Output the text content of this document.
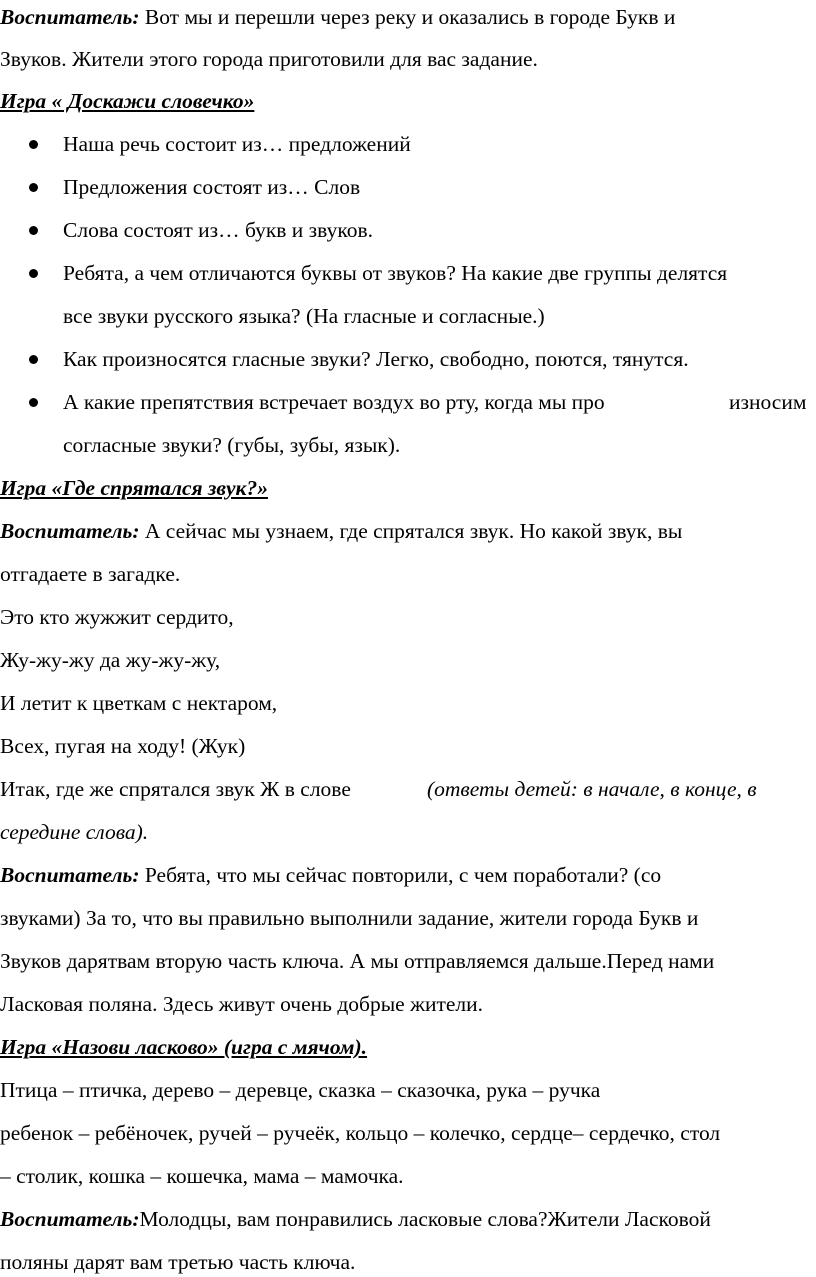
Воспитатель: Вот мы и перешли через реку и оказались в городе Букв и
Звуков. Жители этого города приготовили для вас задание.
Игра « Доскажи словечко»
Наша речь состоит из… предложений
Предложения состоят из… Слов
Слова состоят из… букв и звуков.
Ребята, а чем отличаются буквы от звуков? На какие две группы делятся
все звуки русского языка? (На гласные и согласные.)
Как произносятся гласные звуки? Легко, свободно, поются, тянутся.
А какие препятствия встречает воздух во рту, когда мы про	износим
согласные звуки? (губы, зубы, язык).
Игра «Где спрятался звук?»
Воспитатель: А сейчас мы узнаем, где спрятался звук. Но какой звук, вы
отгадаете в загадке.
Это кто жужжит сердито,
Жу-жу-жу да жу-жу-жу,
И летит к цветкам с нектаром,
Всех, пугая на ходу! (Жук)
Итак, где же спрятался звук Ж в слове	(ответы детей: в начале, в конце, в
середине слова).
Воспитатель: Ребята, что мы сейчас повторили, с чем поработали? (со
звуками) За то, что вы правильно выполнили задание, жители города Букв и
Звуков дарятвам вторую часть ключа. А мы отправляемся дальше.Перед нами
Ласковая поляна. Здесь живут очень добрые жители.
Игра «Назови ласково» (игра с мячом).
Птица – птичка, дерево – деревце, сказка – сказочка, рука – ручка
ребенок – ребёночек, ручей – ручеёк, кольцо – колечко, сердце– сердечко, стол
– столик, кошка – кошечка, мама – мамочка.
Воспитатель:Молодцы, вам понравились ласковые слова?Жители Ласковой
поляны дарят вам третью часть ключа.
